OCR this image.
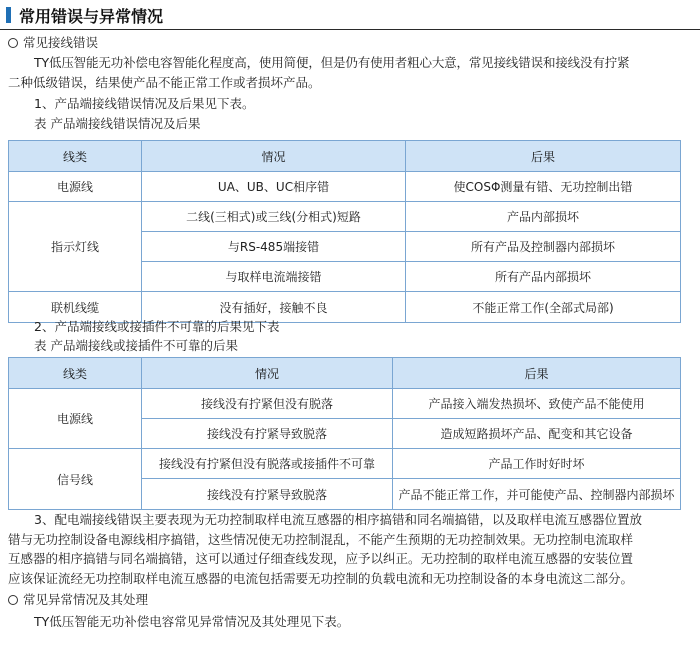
常用错误与异常情况
常见接线错误
TY低压智能无功补偿电容智能化程度高，使用简便，但是仍有使用者粗心大意，常见接线错误和接线没有拧紧
二种低级错误，结果使产品不能正常工作或者损坏产品。
1、产品端接线错误情况及后果见下表。
表 产品端接线错误情况及后果
线类	情况	后果
电源线	UA、UB、UC相序错	使COSΦ测量有错、无功控制出错
指示灯线	二线(三相式)或三线(分相式)短路	产品内部损坏
	与RS-485端接错	所有产品及控制器内部损坏
	与取样电流端接错	所有产品内部损坏
联机线缆	没有插好，接触不良	不能正常工作(全部式局部)
2、产品端接线或接插件不可靠的后果见下表
表 产品端接线或接插件不可靠的后果
线类	情况	后果
电源线	接线没有拧紧但没有脱落	产品接入端发热损坏、致使产品不能使用
	接线没有拧紧导致脱落	造成短路损坏产品、配变和其它设备
信号线	接线没有拧紧但没有脱落或接插件不可靠	产品工作时好时坏
	接线没有拧紧导致脱落	产品不能正常工作，并可能使产品、控制器内部损坏
3、配电端接线错误主要表现为无功控制取样电流互感器的相序搞错和同名端搞错，以及取样电流互感器位置放
错与无功控制设备电源线相序搞错，这些情况使无功控制混乱，不能产生预期的无功控制效果。无功控制电流取样
互感器的相序搞错与同名端搞错，这可以通过仔细查线发现，应予以纠正。无功控制的取样电流互感器的安装位置
应该保证流经无功控制取样电流互感器的电流包括需要无功控制的负载电流和无功控制设备的本身电流这二部分。
常见异常情况及其处理
TY低压智能无功补偿电容常见异常情况及其处理见下表。
